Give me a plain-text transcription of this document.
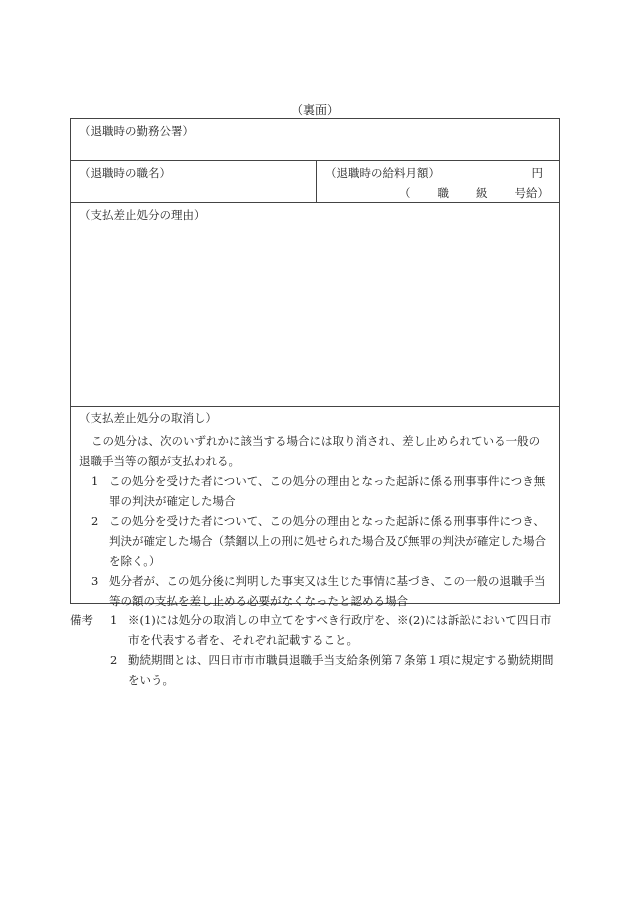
（裏面）
（退職時の勤務公署）
（退職時の職名）	（退職時の給料月額）	円
（ 職 級 号給）
（支払差止処分の理由）
（支払差止処分の取消し）

この処分は、次のいずれかに該当する場合には取り消され、差し止められている一般の退職手当等の額が支払われる。

1 この処分を受けた者について、この処分の理由となった起訴に係る刑事事件につき無罪の判決が確定した場合
2 この処分を受けた者について、この処分の理由となった起訴に係る刑事事件につき、判決が確定した場合（禁錮以上の刑に処せられた場合及び無罪の判決が確定した場合を除く。）
3 処分者が、この処分後に判明した事実又は生じた事情に基づき、この一般の退職手当等の額の支払を差し止める必要がなくなったと認める場合
備考	1 ※(1)には処分の取消しの申立てをすべき行政庁を、※(2)には訴訟において四日市市を代表する者を、それぞれ記載すること。
2 勤続期間とは、四日市市市職員退職手当支給条例第７条第１項に規定する勤続期間をいう。
